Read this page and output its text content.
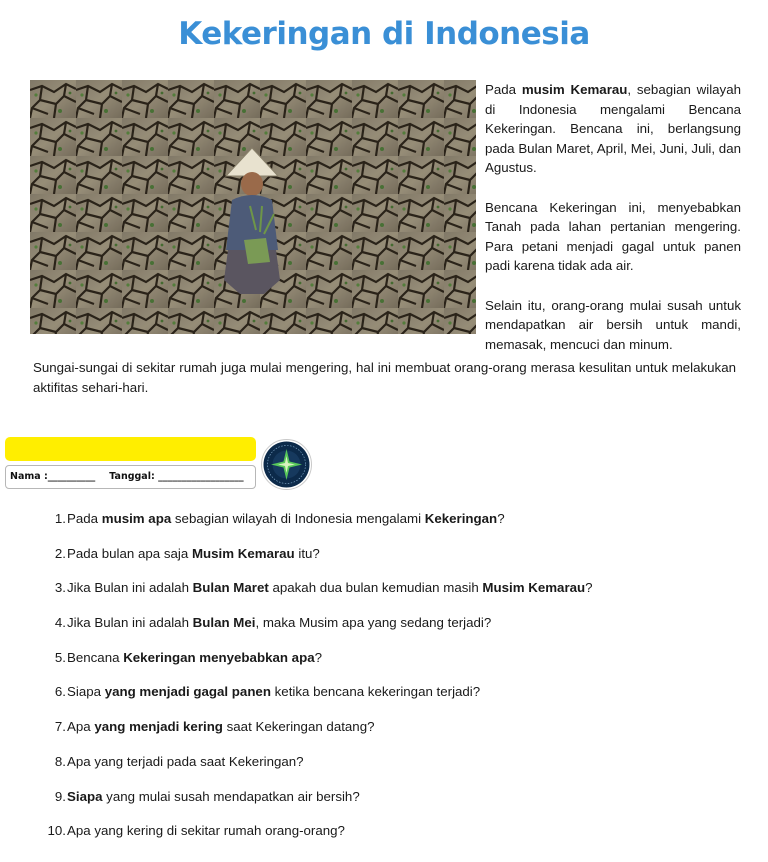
Kekeringan di Indonesia

Pada musim Kemarau, sebagian wilayah di Indonesia mengalami Bencana Kekeringan. Bencana ini, berlangsung pada Bulan Maret, April, Mei, Juni, Juli, dan Agustus.

Bencana Kekeringan ini, menyebabkan Tanah pada lahan pertanian mengering. Para petani menjadi gagal untuk panen padi karena tidak ada air.

Selain itu, orang-orang mulai susah untuk mendapatkan air bersih untuk mandi, memasak, mencuci dan minum.

Sungai-sungai di sekitar rumah juga mulai mengering, hal ini membuat orang-orang merasa kesulitan untuk melakukan aktifitas sehari-hari.
Nama :__________ Tanggal: __________________
1. Pada musim apa sebagian wilayah di Indonesia mengalami Kekeringan?
2. Pada bulan apa saja Musim Kemarau itu?
3. Jika Bulan ini adalah Bulan Maret apakah dua bulan kemudian masih Musim Kemarau?
4. Jika Bulan ini adalah Bulan Mei, maka Musim apa yang sedang terjadi?
5. Bencana Kekeringan menyebabkan apa?
6. Siapa yang menjadi gagal panen ketika bencana kekeringan terjadi?
7. Apa yang menjadi kering saat Kekeringan datang?
8. Apa yang terjadi pada saat Kekeringan?
9. Siapa yang mulai susah mendapatkan air bersih?
10. Apa yang kering di sekitar rumah orang-orang?
